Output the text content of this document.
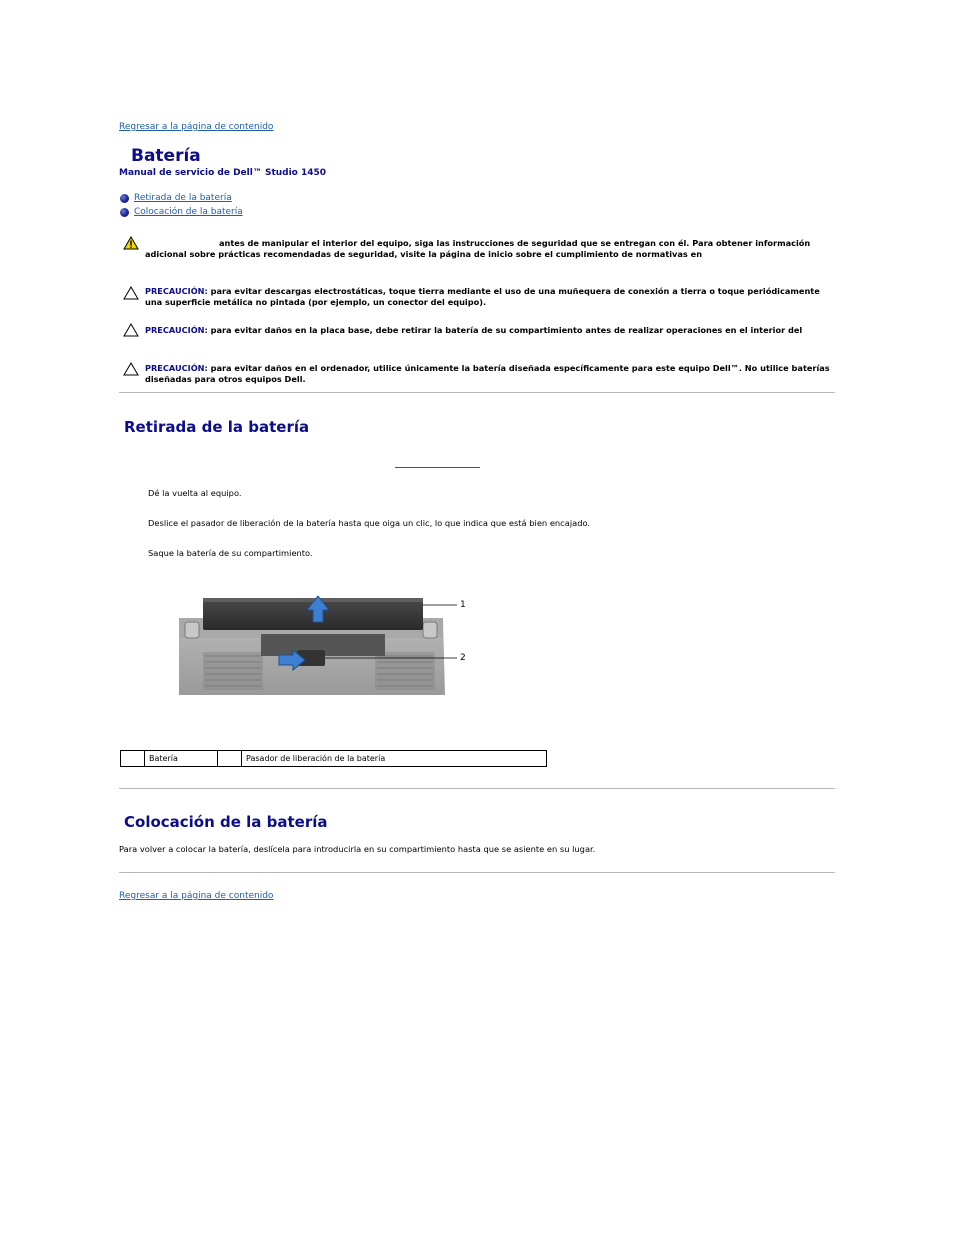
Regresar a la página de contenido
Batería
Manual de servicio de Dell™ Studio 1450
Retirada de la batería
Colocación de la batería
antes de manipular el interior del equipo, siga las instrucciones de seguridad que se entregan con él. Para obtener información adicional sobre prácticas recomendadas de seguridad, visite la página de inicio sobre el cumplimiento de normativas en
PRECAUCIÓN: para evitar descargas electrostáticas, toque tierra mediante el uso de una muñequera de conexión a tierra o toque periódicamente una superficie metálica no pintada (por ejemplo, un conector del equipo).
PRECAUCIÓN: para evitar daños en la placa base, debe retirar la batería de su compartimiento antes de realizar operaciones en el interior del
PRECAUCIÓN: para evitar daños en el ordenador, utilice únicamente la batería diseñada específicamente para este equipo Dell™. No utilice baterías diseñadas para otros equipos Dell.
Retirada de la batería
Dé la vuelta al equipo.
Deslice el pasador de liberación de la batería hasta que oiga un clic, lo que indica que está bien encajado.
Saque la batería de su compartimiento.
1
2
	Batería		Pasador de liberación de la batería
Colocación de la batería
Para volver a colocar la batería, deslícela para introducirla en su compartimiento hasta que se asiente en su lugar.
Regresar a la página de contenido
